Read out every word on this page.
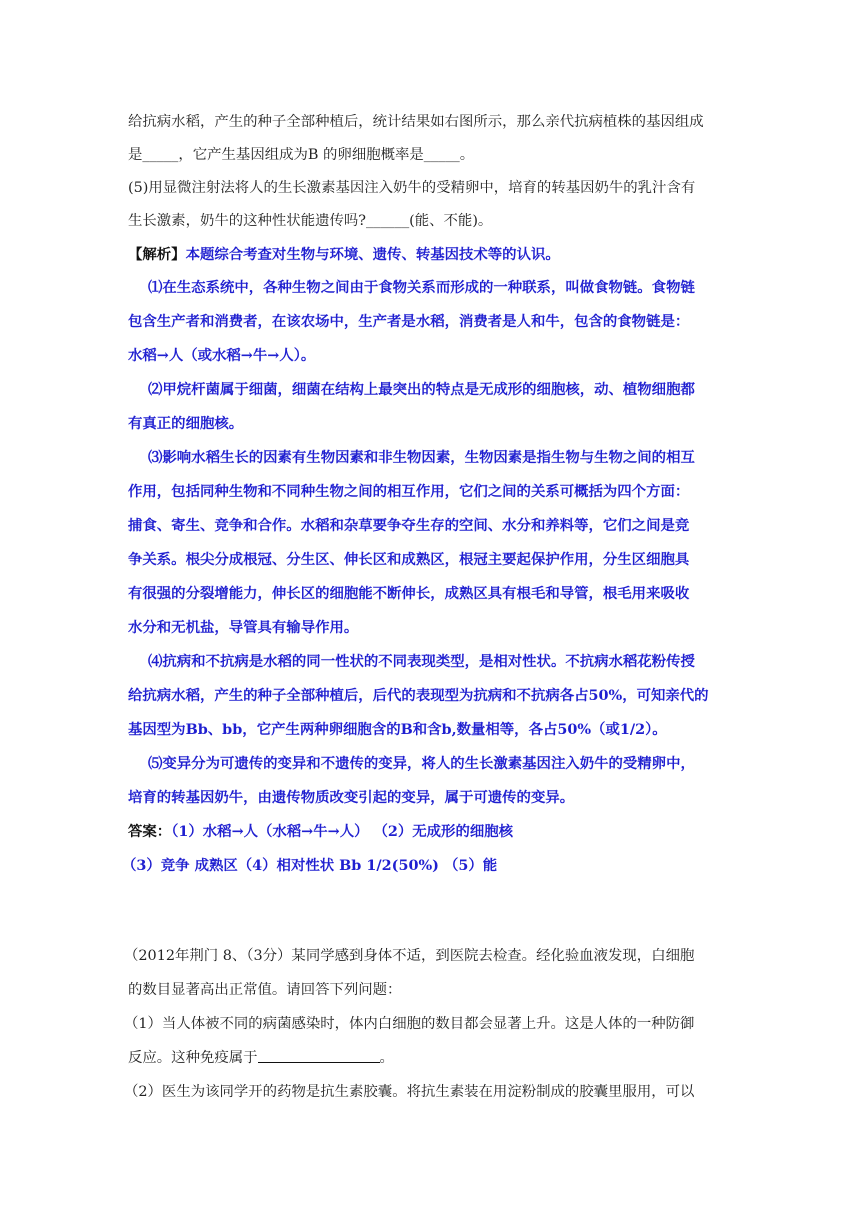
给抗病水稻，产生的种子全部种植后，统计结果如右图所示，那么亲代抗病植株的基因组成
是_____，它产生基因组成为B 的卵细胞概率是_____。
(5)用显微注射法将人的生长激素基因注入奶牛的受精卵中，培育的转基因奶牛的乳汁含有
生长激素，奶牛的这种性状能遗传吗?______(能、不能)。
【解析】本题综合考查对生物与环境、遗传、转基因技术等的认识。
⑴在生态系统中，各种生物之间由于食物关系而形成的一种联系，叫做食物链。食物链
包含生产者和消费者，在该农场中，生产者是水稻，消费者是人和牛，包含的食物链是：
水稻→人（或水稻→牛→人）。
⑵甲烷杆菌属于细菌，细菌在结构上最突出的特点是无成形的细胞核，动、植物细胞都
有真正的细胞核。
⑶影响水稻生长的因素有生物因素和非生物因素，生物因素是指生物与生物之间的相互
作用，包括同种生物和不同种生物之间的相互作用，它们之间的关系可概括为四个方面：
捕食、寄生、竞争和合作。水稻和杂草要争夺生存的空间、水分和养料等，它们之间是竞
争关系。根尖分成根冠、分生区、伸长区和成熟区，根冠主要起保护作用，分生区细胞具
有很强的分裂增能力，伸长区的细胞能不断伸长，成熟区具有根毛和导管，根毛用来吸收
水分和无机盐，导管具有输导作用。
⑷抗病和不抗病是水稻的同一性状的不同表现类型，是相对性状。不抗病水稻花粉传授
给抗病水稻，产生的种子全部种植后，后代的表现型为抗病和不抗病各占50%，可知亲代的
基因型为Bb、bb，它产生两种卵细胞含的B和含b,数量相等，各占50%（或1/2）。
⑸变异分为可遗传的变异和不遗传的变异，将人的生长激素基因注入奶牛的受精卵中，
培育的转基因奶牛，由遗传物质改变引起的变异，属于可遗传的变异。
答案：（1）水稻→人（水稻→牛→人） （2）无成形的细胞核
（3）竞争 成熟区（4）相对性状 Bb 1/2(50%) （5）能
（2012年荆门 8、（3分）某同学感到身体不适，到医院去检查。经化验血液发现，白细胞
的数目显著高出正常值。请回答下列问题：
（1）当人体被不同的病菌感染时，体内白细胞的数目都会显著上升。这是人体的一种防御
反应。这种免疫属于	。
（2）医生为该同学开的药物是抗生素胶囊。将抗生素装在用淀粉制成的胶囊里服用，可以
